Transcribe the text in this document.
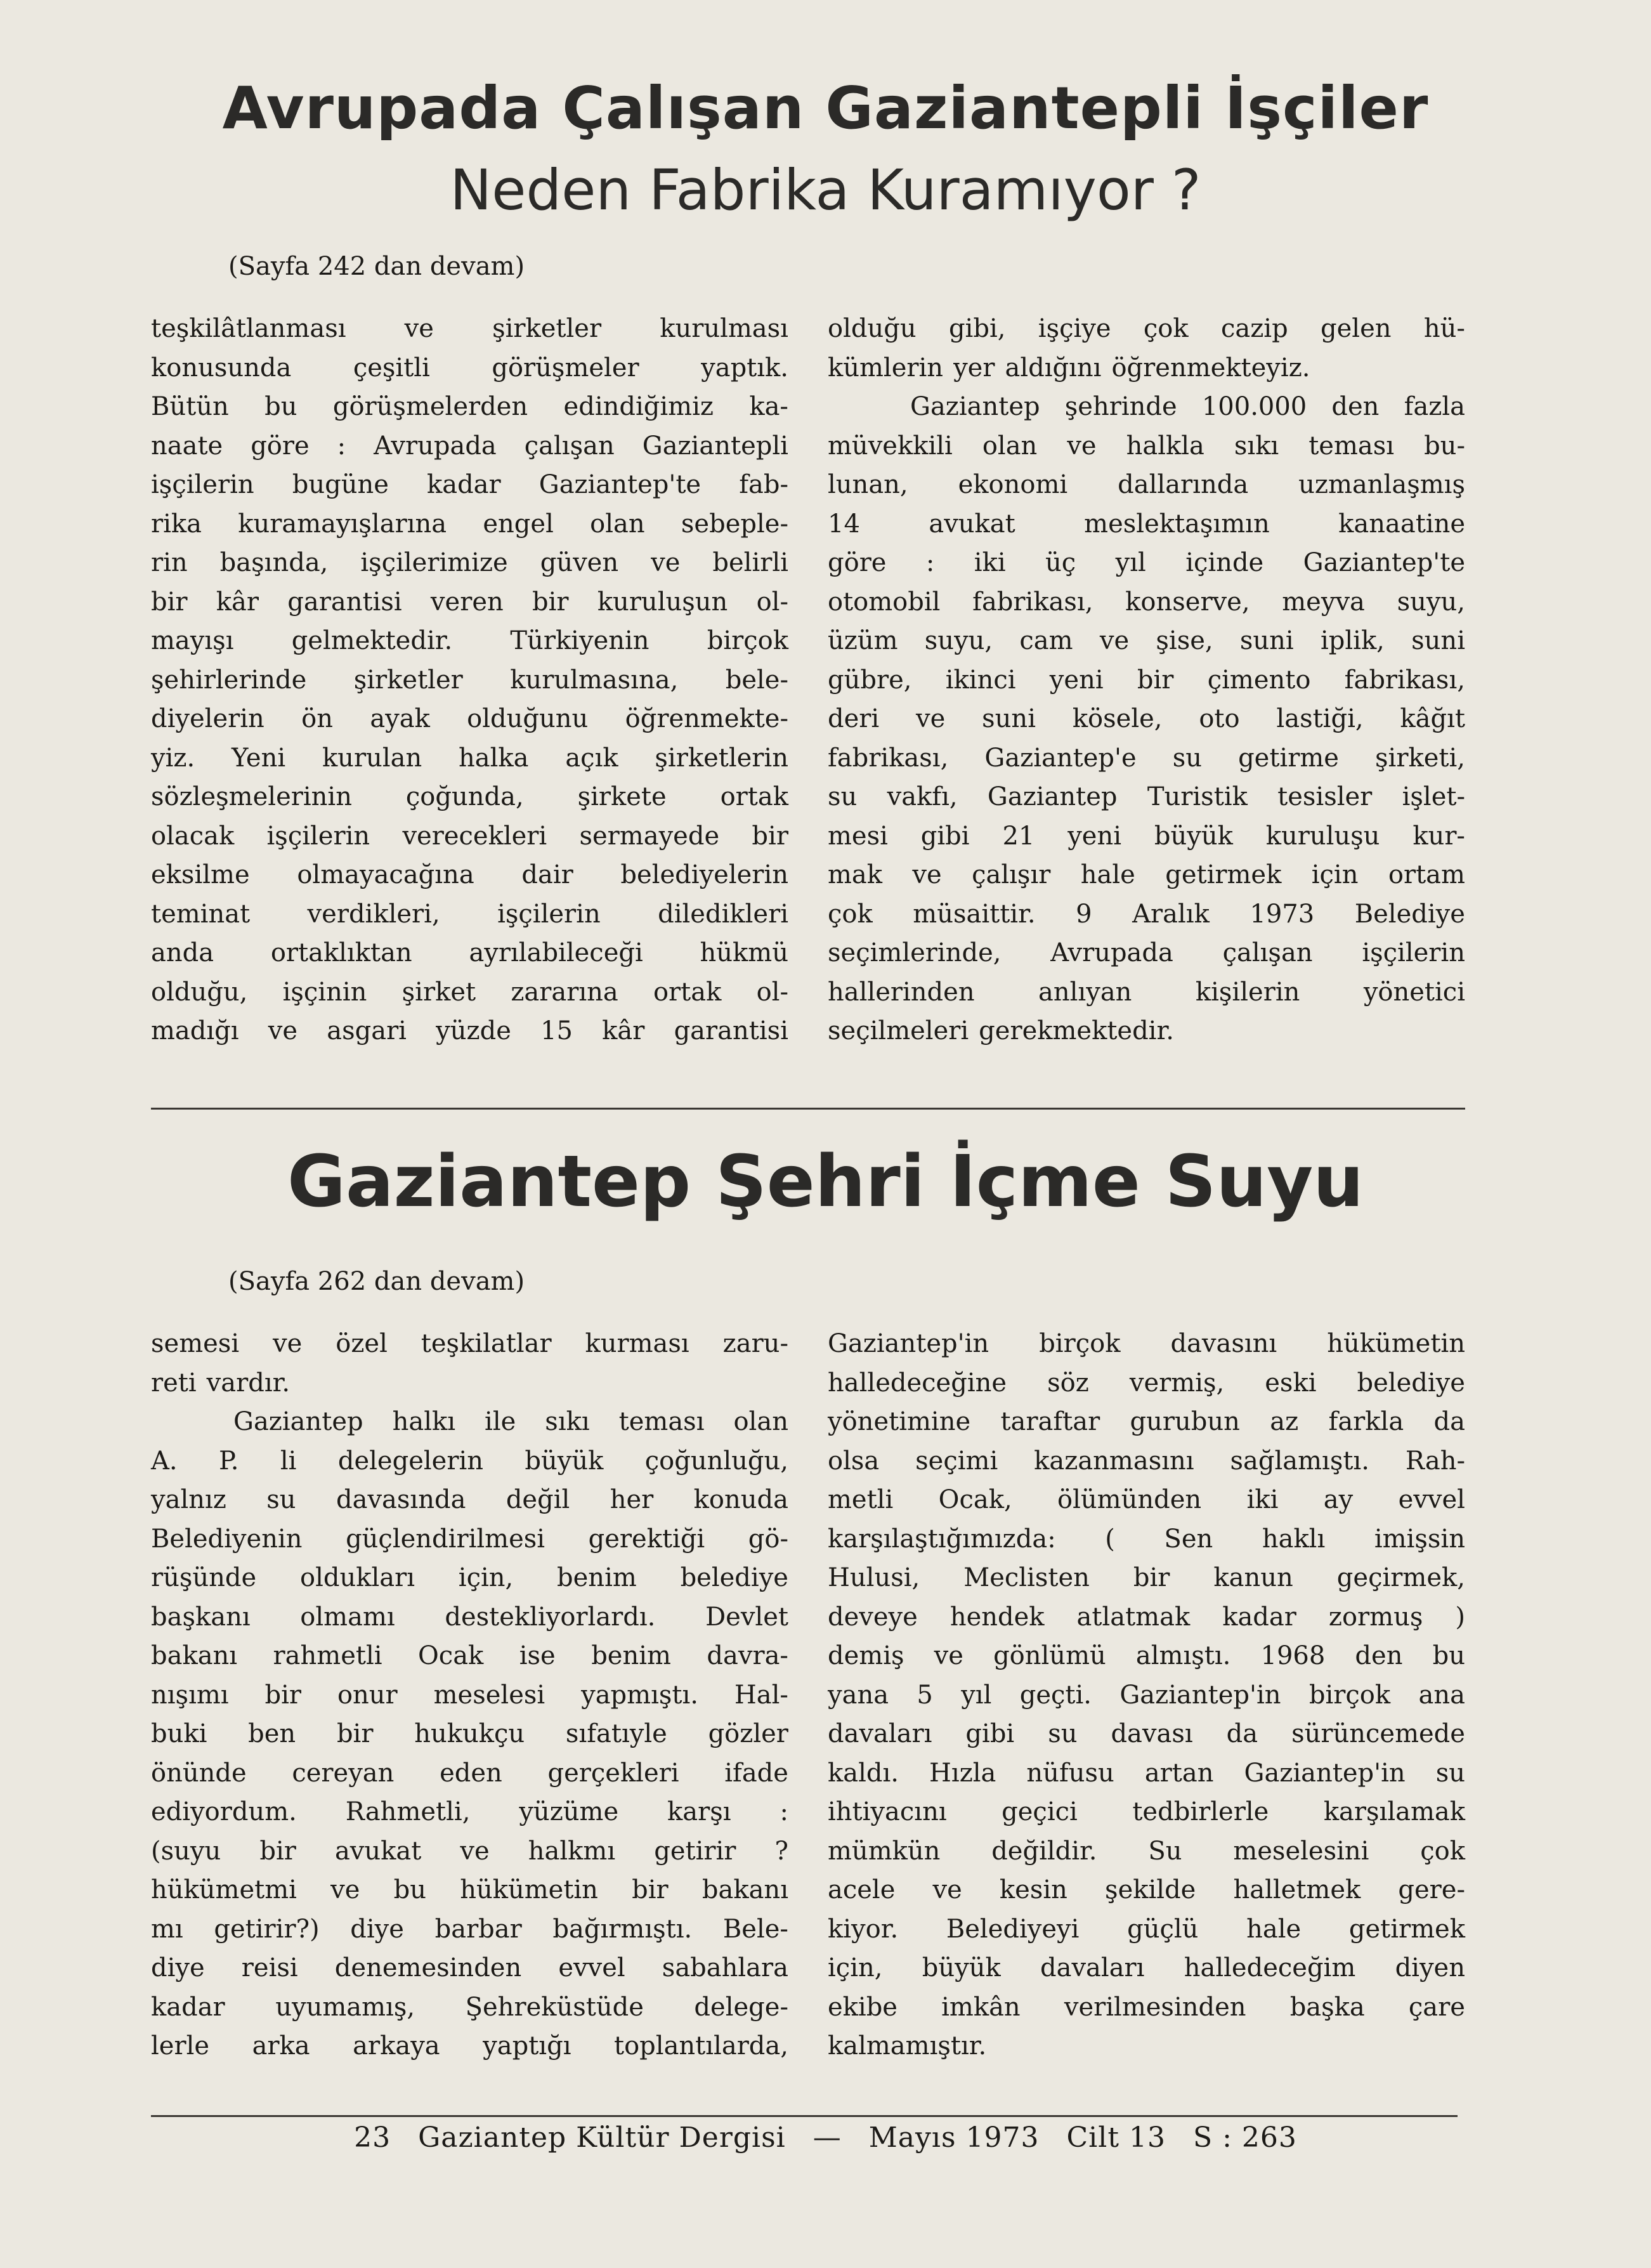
Avrupada Çalışan Gaziantepli İşçiler
Neden Fabrika Kuramıyor ?
(Sayfa 242 dan devam)
teşkilâtlanması ve şirketler kurulması
konusunda çeşitli görüşmeler yaptık.
Bütün bu görüşmelerden edindiğimiz ka-
naate göre : Avrupada çalışan Gaziantepli
işçilerin bugüne kadar Gaziantep'te fab-
rika kuramayışlarına engel olan sebeple-
rin başında, işçilerimize güven ve belirli
bir kâr garantisi veren bir kuruluşun ol-
mayışı gelmektedir. Türkiyenin birçok
şehirlerinde şirketler kurulmasına, bele-
diyelerin ön ayak olduğunu öğrenmekte-
yiz. Yeni kurulan halka açık şirketlerin
sözleşmelerinin çoğunda, şirkete ortak
olacak işçilerin verecekleri sermayede bir
eksilme olmayacağına dair belediyelerin
teminat verdikleri, işçilerin diledikleri
anda ortaklıktan ayrılabileceği hükmü
olduğu, işçinin şirket zararına ortak ol-
madığı ve asgari yüzde 15 kâr garantisi
olduğu gibi, işçiye çok cazip gelen hü-
kümlerin yer aldığını öğrenmekteyiz.
Gaziantep şehrinde 100.000 den fazla
müvekkili olan ve halkla sıkı teması bu-
lunan, ekonomi dallarında uzmanlaşmış
14	avukat	meslektaşımın	kanaatine
göre : iki üç yıl içinde Gaziantep'te
otomobil fabrikası, konserve, meyva suyu,
üzüm suyu, cam ve şise, suni iplik, suni
gübre, ikinci yeni bir çimento fabrikası,
deri ve suni kösele, oto lastiği, kâğıt
fabrikası, Gaziantep'e su getirme şirketi,
su vakfı, Gaziantep Turistik tesisler işlet-
mesi gibi 21 yeni büyük kuruluşu kur-
mak ve çalışır hale getirmek için ortam
çok müsaittir. 9 Aralık 1973 Belediye
seçimlerinde, Avrupada çalışan işçilerin
hallerinden	anlıyan	kişilerin	yönetici
seçilmeleri gerekmektedir.
Gaziantep Şehri İçme Suyu
(Sayfa 262 dan devam)
semesi ve özel teşkilatlar kurması zaru-
reti vardır.
Gaziantep halkı ile sıkı teması olan
A. P. li delegelerin büyük çoğunluğu,
yalnız su davasında değil her konuda
Belediyenin güçlendirilmesi gerektiği gö-
rüşünde oldukları için, benim belediye
başkanı olmamı destekliyorlardı. Devlet
bakanı rahmetli Ocak ise benim davra-
nışımı bir onur meselesi yapmıştı. Hal-
buki ben bir hukukçu sıfatıyle gözler
önünde cereyan eden gerçekleri ifade
ediyordum. Rahmetli, yüzüme karşı :
(suyu bir avukat ve halkmı getirir ?
hükümetmi ve bu hükümetin bir bakanı
mı getirir?) diye barbar bağırmıştı. Bele-
diye reisi denemesinden evvel sabahlara
kadar uyumamış, Şehreküstüde delege-
lerle arka arkaya yaptığı toplantılarda,
Gaziantep'in birçok davasını hükümetin
halledeceğine söz vermiş, eski belediye
yönetimine taraftar gurubun az farkla da
olsa seçimi kazanmasını sağlamıştı. Rah-
metli Ocak, ölümünden iki ay evvel
karşılaştığımızda: ( Sen haklı imişsin
Hulusi, Meclisten bir kanun geçirmek,
deveye hendek atlatmak kadar zormuş )
demiş ve gönlümü almıştı. 1968 den bu
yana 5 yıl geçti. Gaziantep'in birçok ana
davaları gibi su davası da sürüncemede
kaldı. Hızla nüfusu artan Gaziantep'in su
ihtiyacını geçici tedbirlerle karşılamak
mümkün değildir. Su meselesini çok
acele ve kesin şekilde halletmek gere-
kiyor. Belediyeyi güçlü hale getirmek
için, büyük davaları halledeceğim diyen
ekibe imkân verilmesinden başka çare
kalmamıştır.
23 Gaziantep Kültür Dergisi — Mayıs 1973 Cilt 13 S : 263
